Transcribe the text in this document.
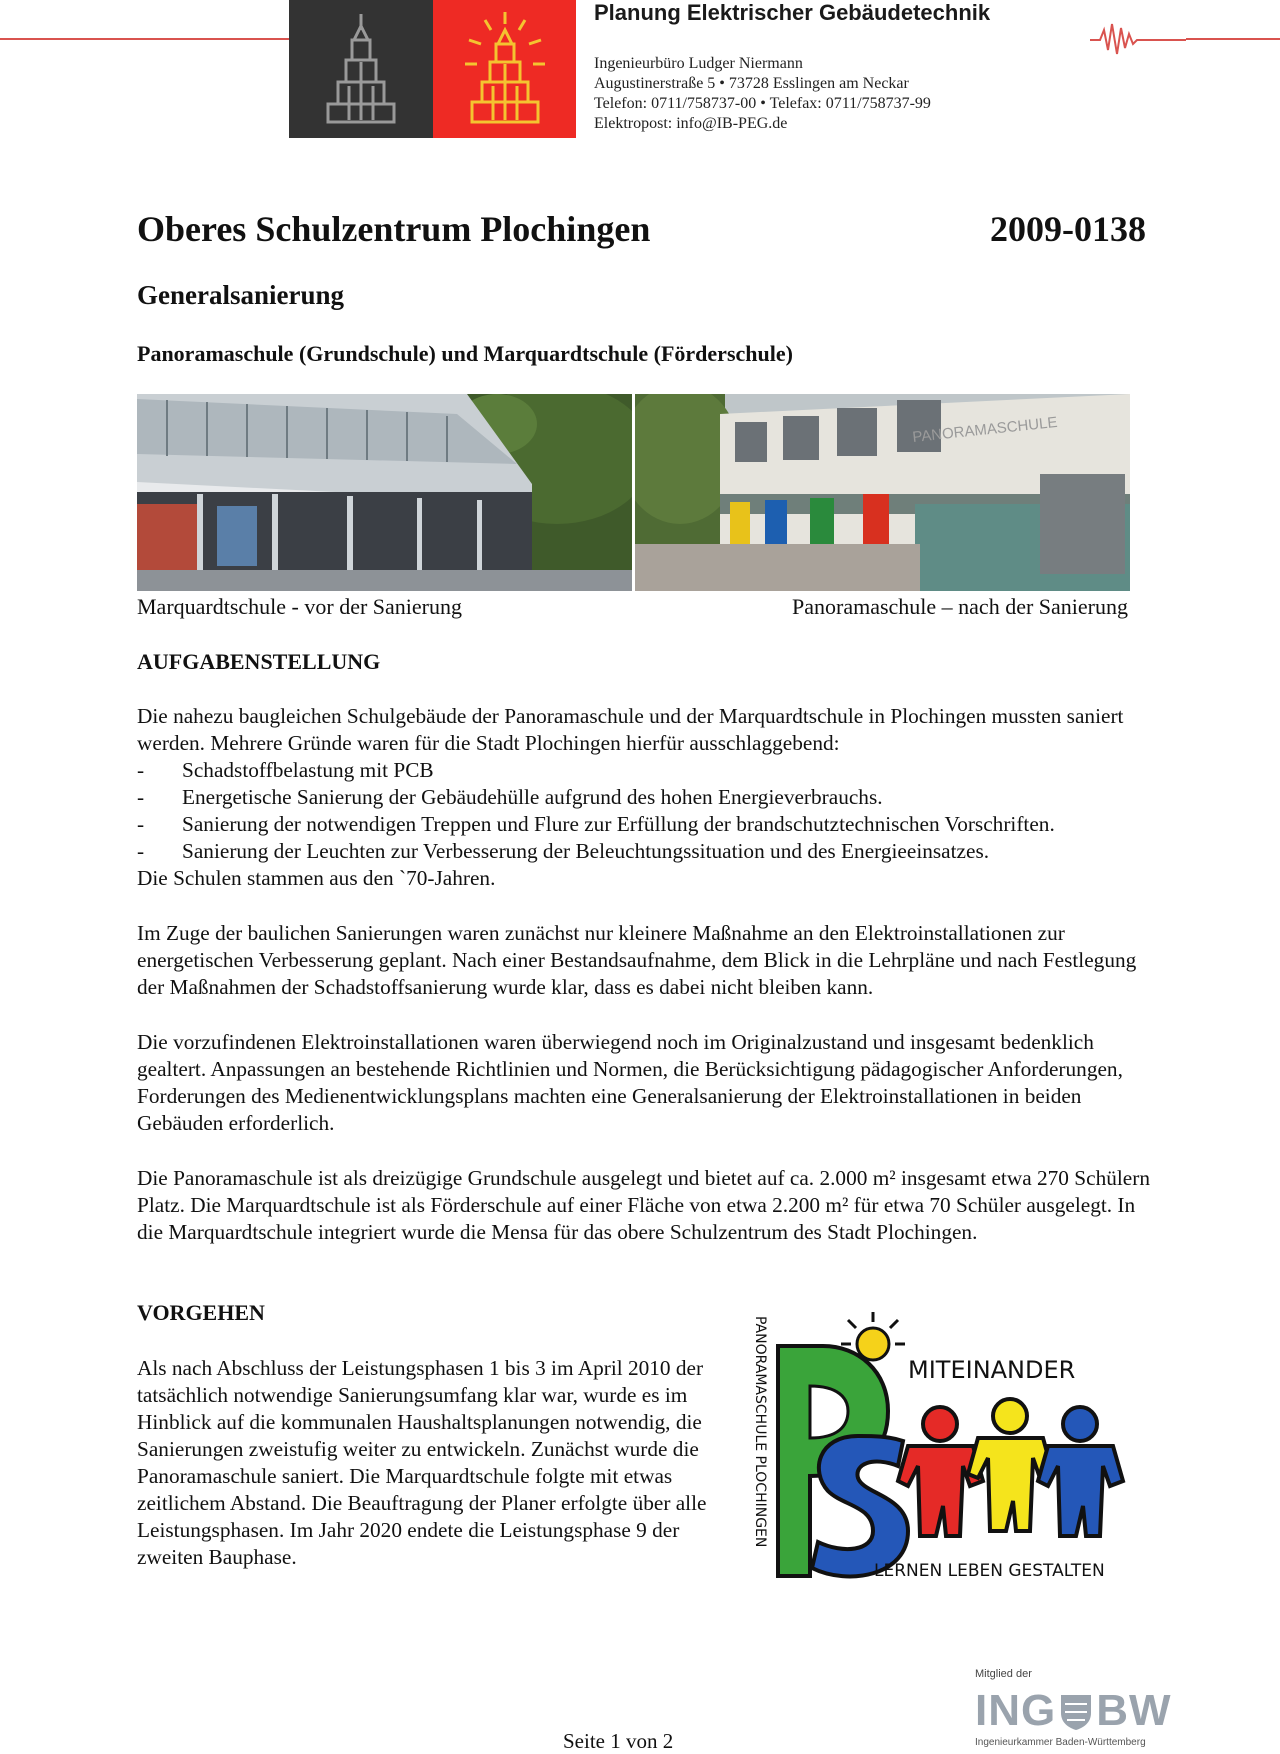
Planung Elektrischer Gebäudetechnik
Ingenieurbüro Ludger Niermann
Augustinerstraße 5 • 73728 Esslingen am Neckar
Telefon: 0711/758737-00 • Telefax: 0711/758737-99
Elektropost: info@IB-PEG.de
Oberes Schulzentrum Plochingen	2009-0138
Generalsanierung
Panoramaschule (Grundschule) und Marquardtschule (Förderschule)
PANORAMASCHULE
Marquardtschule - vor der Sanierung	Panoramaschule – nach der Sanierung
AUFGABENSTELLUNG
Die nahezu baugleichen Schulgebäude der Panoramaschule und der Marquardtschule in Plochingen mussten saniert werden. Mehrere Gründe waren für die Stadt Plochingen hierfür ausschlaggebend:
-	Schadstoffbelastung mit PCB
-	Energetische Sanierung der Gebäudehülle aufgrund des hohen Energieverbrauchs.
-	Sanierung der notwendigen Treppen und Flure zur Erfüllung der brandschutztechnischen Vorschriften.
-	Sanierung der Leuchten zur Verbesserung der Beleuchtungssituation und des Energieeinsatzes.
Die Schulen stammen aus den `70-Jahren.
Im Zuge der baulichen Sanierungen waren zunächst nur kleinere Maßnahme an den Elektroinstallationen zur energetischen Verbesserung geplant. Nach einer Bestandsaufnahme, dem Blick in die Lehrpläne und nach Festlegung der Maßnahmen der Schadstoffsanierung wurde klar, dass es dabei nicht bleiben kann.
Die vorzufindenen Elektroinstallationen waren überwiegend noch im Originalzustand und insgesamt bedenklich gealtert. Anpassungen an bestehende Richtlinien und Normen, die Berücksichtigung pädagogischer Anforderungen, Forderungen des Medienentwicklungsplans machten eine Generalsanierung der Elektroinstallationen in beiden Gebäuden erforderlich.
Die Panoramaschule ist als dreizügige Grundschule ausgelegt und bietet auf ca. 2.000 m² insgesamt etwa 270 Schülern Platz. Die Marquardtschule ist als Förderschule auf einer Fläche von etwa 2.200 m² für etwa 70 Schüler ausgelegt. In die Marquardtschule integriert wurde die Mensa für das obere Schulzentrum des Stadt Plochingen.
VORGEHEN
Als nach Abschluss der Leistungsphasen 1 bis 3 im April 2010 der tatsächlich notwendige Sanierungsumfang klar war, wurde es im Hinblick auf die kommunalen Haushaltsplanungen notwendig, die Sanierungen zweistufig weiter zu entwickeln. Zunächst wurde die Panoramaschule saniert. Die Marquardtschule folgte mit etwas zeitlichem Abstand. Die Beauftragung der Planer erfolgte über alle Leistungsphasen. Im Jahr 2020 endete die Leistungsphase 9 der zweiten Bauphase.
MITEINANDER
LERNEN LEBEN GESTALTEN
PANORAMASCHULE PLOCHINGEN
Mitglied der
ING BW
Ingenieurkammer Baden-Württemberg
Seite 1 von 2
